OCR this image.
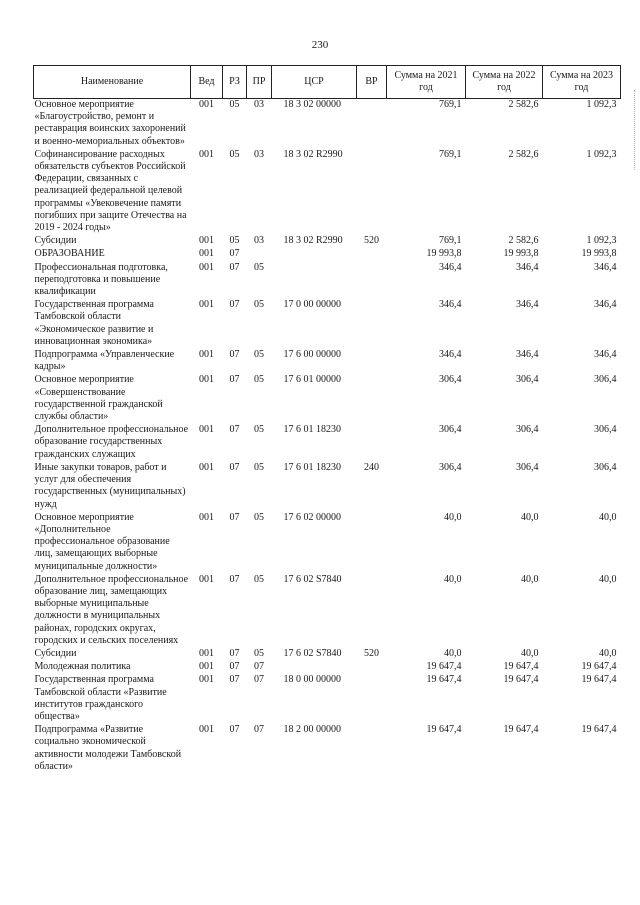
230
Наименование	Вед	РЗ	ПР	ЦСР	ВР	Сумма на 2021 год	Сумма на 2022 год	Сумма на 2023 год
Основное мероприятие «Благоустройство, ремонт и реставрация воинских захоронений и военно-мемориальных объектов»	001	05	03	18 3 02 00000		769,1	2 582,6	1 092,3
Софинансирование расходных обязательств субъектов Российской Федерации, связанных с реализацией федеральной целевой программы «Увековечение памяти погибших при защите Отечества на 2019 - 2024 годы»	001	05	03	18 3 02 R2990		769,1	2 582,6	1 092,3
Субсидии	001	05	03	18 3 02 R2990	520	769,1	2 582,6	1 092,3
ОБРАЗОВАНИЕ	001	07				19 993,8	19 993,8	19 993,8
Профессиональная подготовка, переподготовка и повышение квалификации	001	07	05			346,4	346,4	346,4
Государственная программа Тамбовской области «Экономическое развитие и инновационная экономика»	001	07	05	17 0 00 00000		346,4	346,4	346,4
Подпрограмма «Управленческие кадры»	001	07	05	17 6 00 00000		346,4	346,4	346,4
Основное мероприятие «Совершенствование государственной гражданской службы области»	001	07	05	17 6 01 00000		306,4	306,4	306,4
Дополнительное профессиональное образование государственных гражданских служащих	001	07	05	17 6 01 18230		306,4	306,4	306,4
Иные закупки товаров, работ и услуг для обеспечения государственных (муниципальных) нужд	001	07	05	17 6 01 18230	240	306,4	306,4	306,4
Основное мероприятие «Дополнительное профессиональное образование лиц, замещающих выборные муниципальные должности»	001	07	05	17 6 02 00000		40,0	40,0	40,0
Дополнительное профессиональное образование лиц, замещающих выборные муниципальные должности в муниципальных районах, городских округах, городских и сельских поселениях	001	07	05	17 6 02 S7840		40,0	40,0	40,0
Субсидии	001	07	05	17 6 02 S7840	520	40,0	40,0	40,0
Молодежная политика	001	07	07			19 647,4	19 647,4	19 647,4
Государственная программа Тамбовской области «Развитие институтов гражданского общества»	001	07	07	18 0 00 00000		19 647,4	19 647,4	19 647,4
Подпрограмма «Развитие социально экономической активности молодежи Тамбовской области»	001	07	07	18 2 00 00000		19 647,4	19 647,4	19 647,4
